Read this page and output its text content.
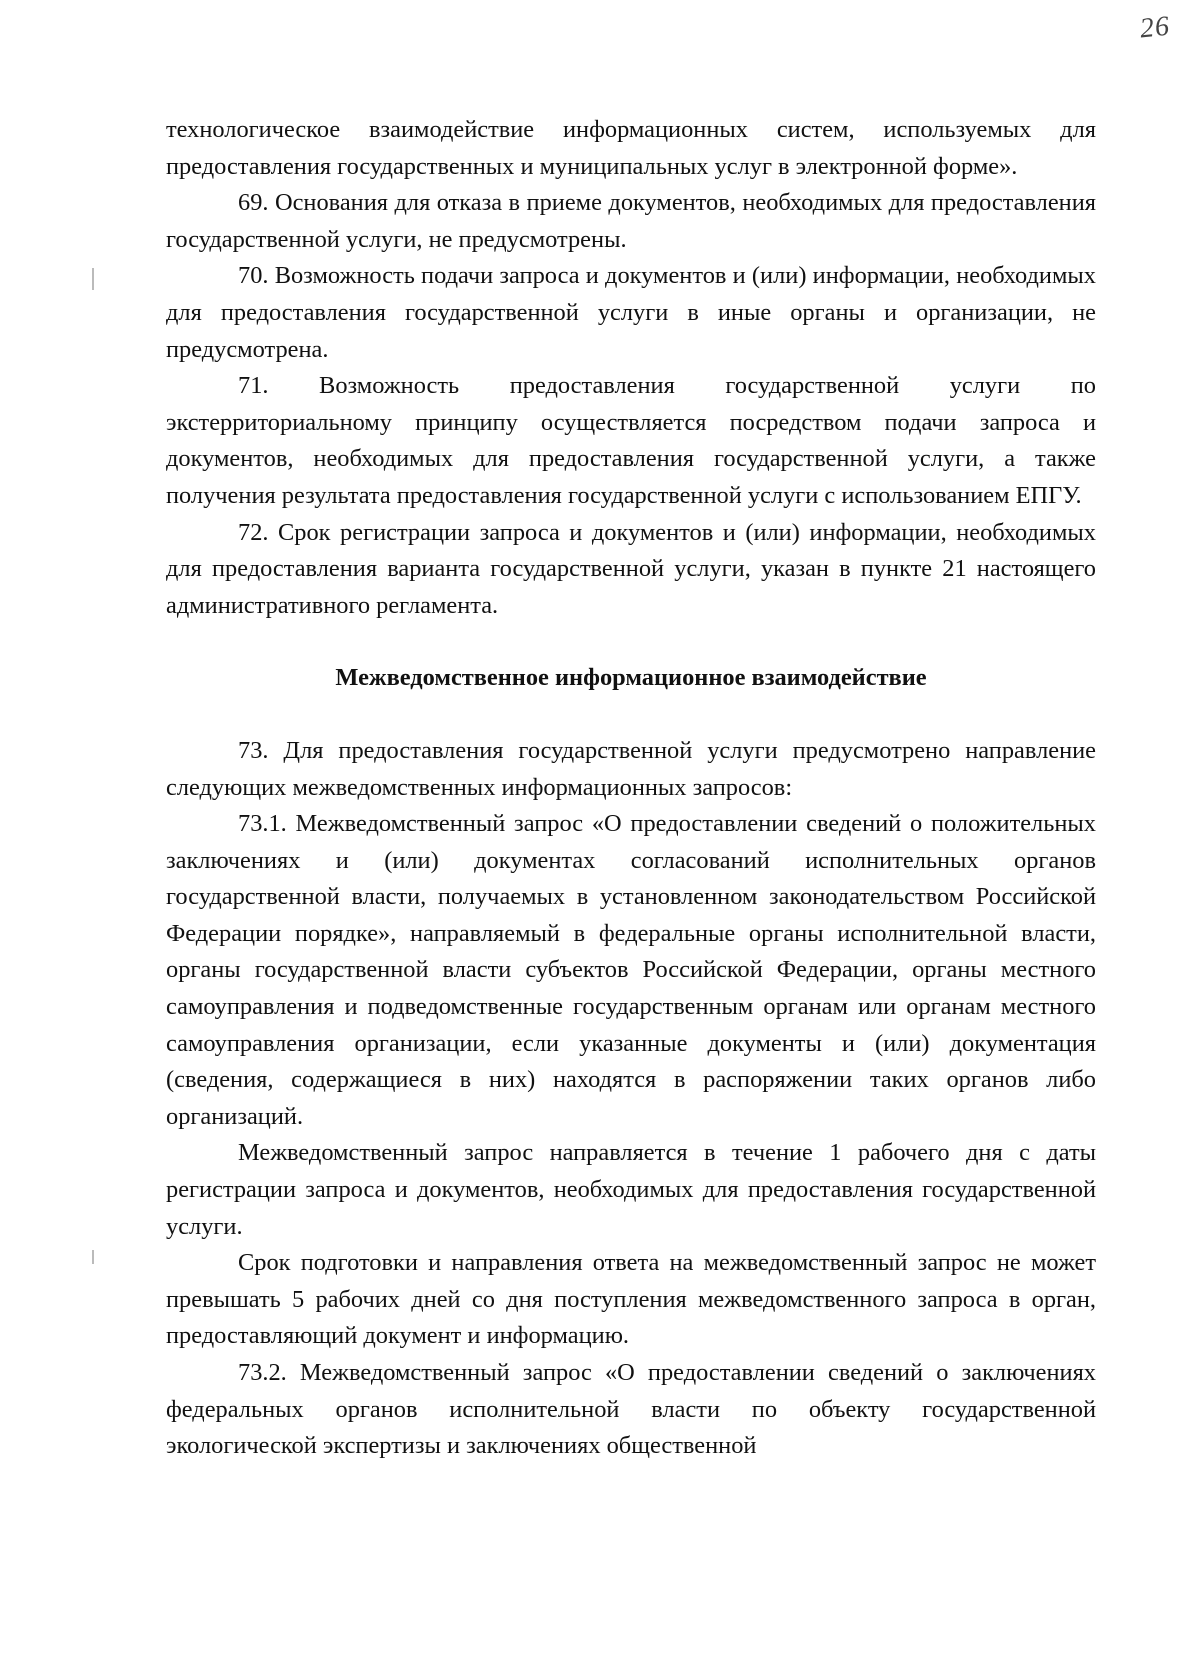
26

технологическое взаимодействие информационных систем, используемых для предоставления государственных и муниципальных услуг в электронной форме».

69. Основания для отказа в приеме документов, необходимых для предоставления государственной услуги, не предусмотрены.

70. Возможность подачи запроса и документов и (или) информации, необходимых для предоставления государственной услуги в иные органы и организации, не предусмотрена.

71. Возможность предоставления государственной услуги по экстерриториальному принципу осуществляется посредством подачи запроса и документов, необходимых для предоставления государственной услуги, а также получения результата предоставления государственной услуги с использованием ЕПГУ.

72. Срок регистрации запроса и документов и (или) информации, необходимых для предоставления варианта государственной услуги, указан в пункте 21 настоящего административного регламента.

Межведомственное информационное взаимодействие

73. Для предоставления государственной услуги предусмотрено направление следующих межведомственных информационных запросов:

73.1. Межведомственный запрос «О предоставлении сведений о положительных заключениях и (или) документах согласований исполнительных органов государственной власти, получаемых в установленном законодательством Российской Федерации порядке», направляемый в федеральные органы исполнительной власти, органы государственной власти субъектов Российской Федерации, органы местного самоуправления и подведомственные государственным органам или органам местного самоуправления организации, если указанные документы и (или) документация (сведения, содержащиеся в них) находятся в распоряжении таких органов либо организаций.

Межведомственный запрос направляется в течение 1 рабочего дня с даты регистрации запроса и документов, необходимых для предоставления государственной услуги.

Срок подготовки и направления ответа на межведомственный запрос не может превышать 5 рабочих дней со дня поступления межведомственного запроса в орган, предоставляющий документ и информацию.

73.2. Межведомственный запрос «О предоставлении сведений о заключениях федеральных органов исполнительной власти по объекту государственной экологической экспертизы и заключениях общественной
